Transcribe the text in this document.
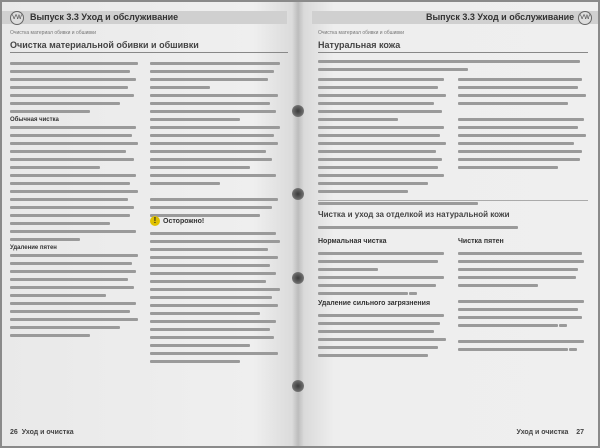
VW Выпуск 3.3 Уход и обслуживание
Очистка материал обивки и обшивки
Очистка материальной обивки и обшивки
Обычная чистка
Удаление пятен
! Осторожно!
26 Уход и очистка
Выпуск 3.3 Уход и обслуживание VW
Очистка материал обивки и обшивки
Натуральная кожа
Чистка и уход за отделкой из натуральной кожи
Нормальная чистка

Удаление сильного загрязнения
Чистка пятен

Уход и очистка 27
